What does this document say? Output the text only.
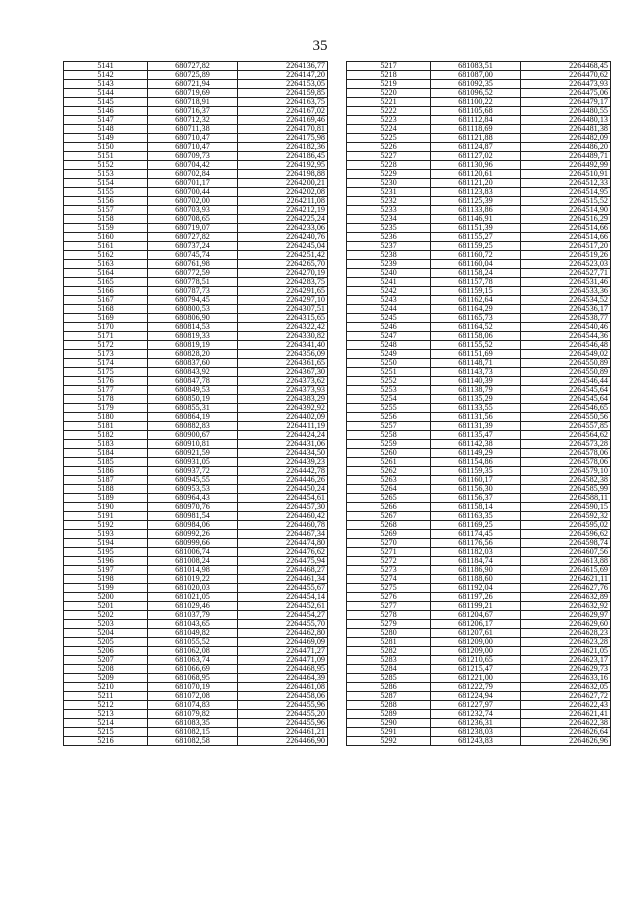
35
5141	680727,82	2264136,77
5142	680725,89	2264147,20
5143	680721,94	2264153,05
5144	680719,69	2264159,85
5145	680718,91	2264163,75
5146	680716,37	2264167,02
5147	680712,32	2264169,46
5148	680711,38	2264170,81
5149	680710,47	2264175,98
5150	680710,47	2264182,36
5151	680709,73	2264186,45
5152	680704,42	2264192,95
5153	680702,84	2264198,88
5154	680701,17	2264200,21
5155	680700,44	2264202,08
5156	680702,00	2264211,08
5157	680703,93	2264212,19
5158	680708,65	2264225,24
5159	680719,07	2264233,06
5160	680727,82	2264240,76
5161	680737,24	2264245,04
5162	680745,74	2264251,42
5163	680761,98	2264265,70
5164	680772,59	2264270,19
5165	680778,51	2264283,75
5166	680787,73	2264291,65
5167	680794,45	2264297,10
5168	680800,53	2264307,51
5169	680806,90	2264315,65
5170	680814,53	2264322,42
5171	680819,33	2264330,82
5172	680819,19	2264341,40
5173	680828,20	2264356,09
5174	680837,60	2264361,65
5175	680843,92	2264367,30
5176	680847,78	2264373,62
5177	680849,53	2264373,93
5178	680850,19	2264383,29
5179	680855,31	2264392,92
5180	680864,19	2264402,09
5181	680882,83	2264411,19
5182	680900,67	2264424,24
5183	680910,81	2264431,06
5184	680921,59	2264434,50
5185	680931,05	2264439,23
5186	680937,72	2264442,78
5187	680945,55	2264446,26
5188	680953,53	2264450,24
5189	680964,43	2264454,61
5190	680970,76	2264457,30
5191	680981,54	2264460,42
5192	680984,06	2264460,78
5193	680992,26	2264467,34
5194	680999,66	2264474,80
5195	681006,74	2264476,62
5196	681008,24	2264475,94
5197	681014,98	2264468,27
5198	681019,22	2264461,34
5199	681020,03	2264455,67
5200	681021,05	2264454,14
5201	681029,46	2264452,61
5202	681037,79	2264454,27
5203	681043,65	2264455,70
5204	681049,82	2264462,80
5205	681055,52	2264469,09
5206	681062,08	2264471,27
5207	681063,74	2264471,09
5208	681066,69	2264468,95
5209	681068,95	2264464,39
5210	681070,19	2264461,08
5211	681072,08	2264458,06
5212	681074,83	2264455,96
5213	681079,82	2264455,20
5214	681083,35	2264455,96
5215	681082,15	2264461,21
5216	681082,58	2264466,90
5217	681083,51	2264468,45
5218	681087,00	2264470,62
5219	681092,35	2264473,93
5220	681096,52	2264475,06
5221	681100,22	2264479,17
5222	681105,68	2264480,55
5223	681112,84	2264480,13
5224	681118,69	2264481,38
5225	681121,88	2264482,09
5226	681124,87	2264486,20
5227	681127,02	2264489,71
5228	681130,96	2264492,99
5229	681120,61	2264510,91
5230	681121,20	2264512,33
5231	681123,83	2264514,95
5232	681125,39	2264515,52
5233	681133,86	2264514,90
5234	681146,91	2264516,29
5235	681151,39	2264514,66
5236	681155,27	2264514,66
5237	681159,25	2264517,20
5238	681160,72	2264519,26
5239	681160,04	2264523,03
5240	681158,24	2264527,71
5241	681157,78	2264531,46
5242	681159,15	2264533,36
5243	681162,64	2264534,52
5244	681164,29	2264536,17
5245	681165,73	2264538,77
5246	681164,52	2264540,46
5247	681158,06	2264544,36
5248	681155,52	2264546,48
5249	681151,69	2264549,02
5250	681148,71	2264550,89
5251	681143,73	2264550,89
5252	681140,39	2264546,44
5253	681138,79	2264545,64
5254	681135,29	2264545,64
5255	681133,55	2264546,65
5256	681131,56	2264550,56
5257	681131,39	2264557,85
5258	681135,47	2264564,62
5259	681142,38	2264573,28
5260	681149,29	2264578,06
5261	681154,86	2264578,06
5262	681159,35	2264579,10
5263	681160,17	2264582,38
5264	681156,30	2264585,99
5265	681156,37	2264588,11
5266	681158,14	2264590,15
5267	681163,35	2264592,32
5268	681169,25	2264595,02
5269	681174,45	2264596,62
5270	681176,56	2264598,74
5271	681182,03	2264607,56
5272	681184,74	2264613,88
5273	681186,90	2264615,69
5274	681188,60	2264621,11
5275	681192,04	2264627,76
5276	681197,26	2264632,89
5277	681199,21	2264632,92
5278	681204,67	2264629,97
5279	681206,17	2264629,60
5280	681207,61	2264628,23
5281	681209,00	2264623,28
5282	681209,00	2264621,05
5283	681210,65	2264623,17
5284	681215,47	2264629,73
5285	681221,00	2264633,16
5286	681222,79	2264632,05
5287	681224,94	2264627,72
5288	681227,97	2264622,43
5289	681232,74	2264621,41
5290	681236,31	2264622,38
5291	681238,03	2264626,64
5292	681243,83	2264626,96
